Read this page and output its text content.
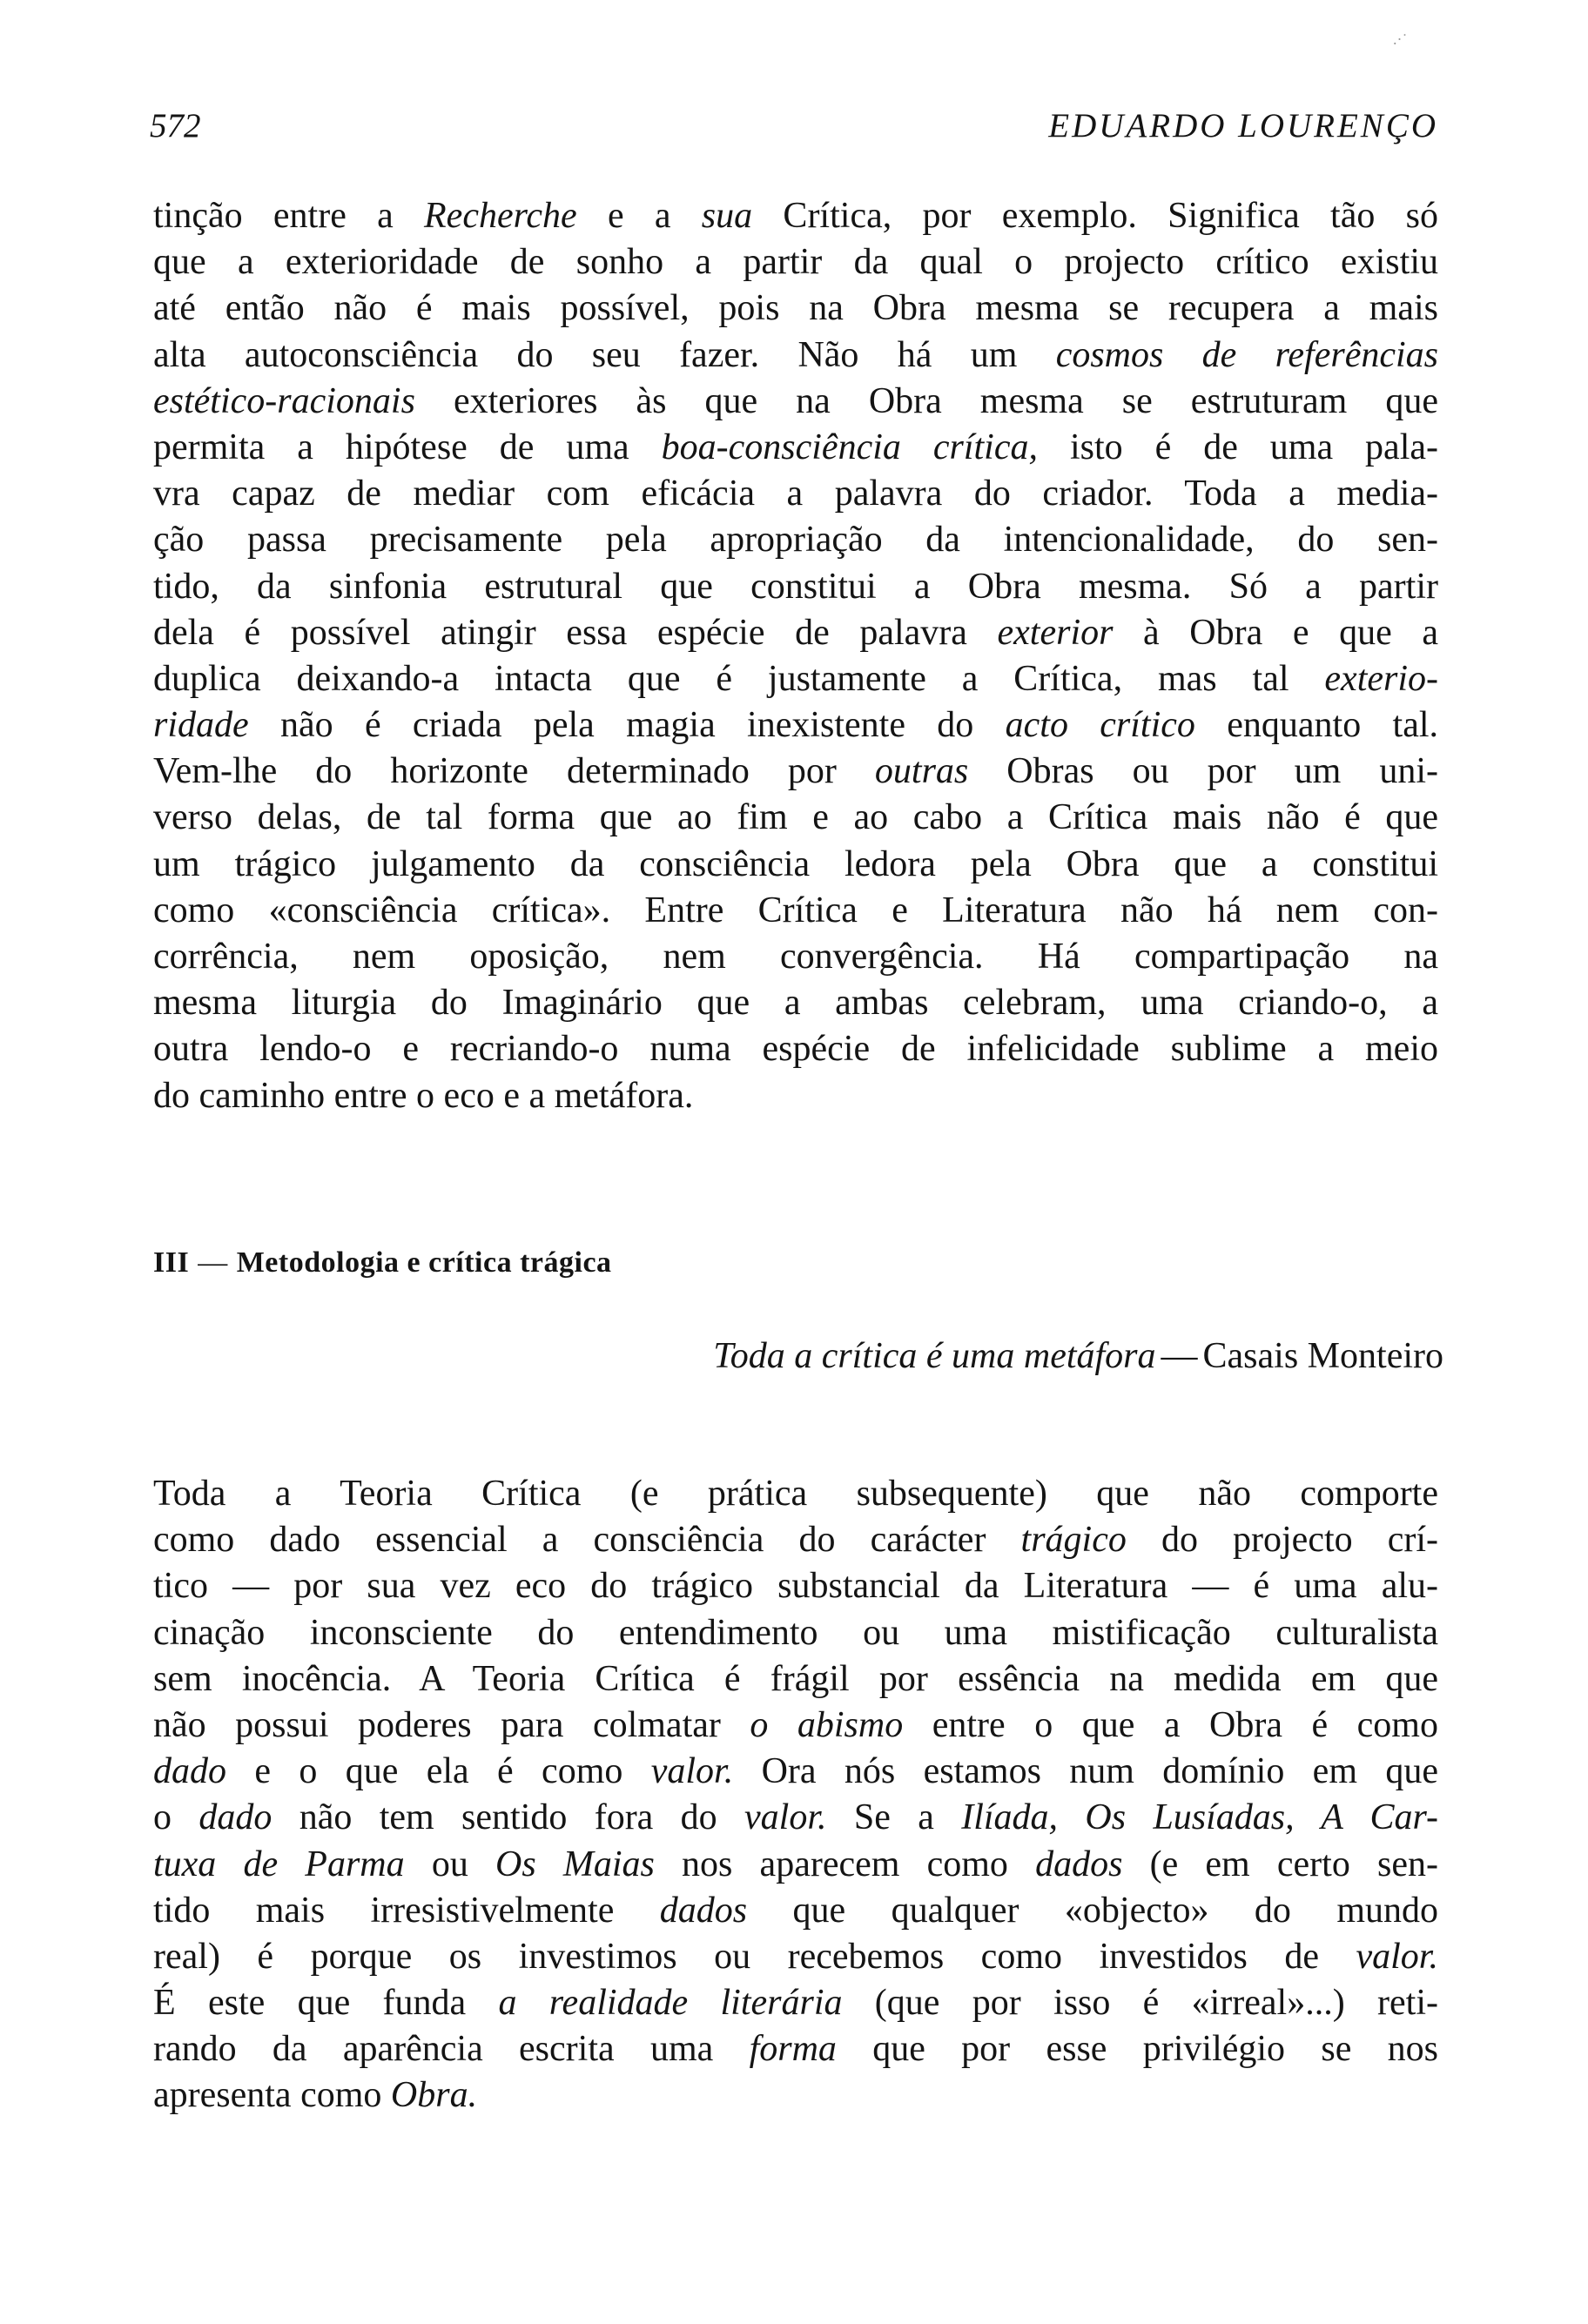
.·˙
572	EDUARDO LOURENÇO

tinção entre a Recherche e a sua Crítica, por exemplo. Significa tão só
que a exterioridade de sonho a partir da qual o projecto crítico existiu
até então não é mais possível, pois na Obra mesma se recupera a mais
alta autoconsciência do seu fazer. Não há um cosmos de referências
estético-racionais exteriores às que na Obra mesma se estruturam que
permita a hipótese de uma boa-consciência crítica, isto é de uma pala-
vra capaz de mediar com eficácia a palavra do criador. Toda a media-
ção passa precisamente pela apropriação da intencionalidade, do sen-
tido, da sinfonia estrutural que constitui a Obra mesma. Só a partir
dela é possível atingir essa espécie de palavra exterior à Obra e que a
duplica deixando-a intacta que é justamente a Crítica, mas tal exterio-
ridade não é criada pela magia inexistente do acto crítico enquanto tal.
Vem-lhe do horizonte determinado por outras Obras ou por um uni-
verso delas, de tal forma que ao fim e ao cabo a Crítica mais não é que
um trágico julgamento da consciência ledora pela Obra que a constitui
como «consciência crítica». Entre Crítica e Literatura não há nem con-
corrência, nem oposição, nem convergência. Há compartipação na
mesma liturgia do Imaginário que a ambas celebram, uma criando-o, a
outra lendo-o e recriando-o numa espécie de infelicidade sublime a meio
do caminho entre o eco e a metáfora.

III — Metodologia e crítica trágica
Toda a crítica é uma metáfora — Casais Monteiro

Toda a Teoria Crítica (e prática subsequente) que não comporte
como dado essencial a consciência do carácter trágico do projecto crí-
tico — por sua vez eco do trágico substancial da Literatura — é uma alu-
cinação inconsciente do entendimento ou uma mistificação culturalista
sem inocência. A Teoria Crítica é frágil por essência na medida em que
não possui poderes para colmatar o abismo entre o que a Obra é como
dado e o que ela é como valor. Ora nós estamos num domínio em que
o dado não tem sentido fora do valor. Se a Ilíada, Os Lusíadas, A Car-
tuxa de Parma ou Os Maias nos aparecem como dados (e em certo sen-
tido mais irresistivelmente dados que qualquer «objecto» do mundo
real) é porque os investimos ou recebemos como investidos de valor.
É este que funda a realidade literária (que por isso é «irreal»...) reti-
rando da aparência escrita uma forma que por esse privilégio se nos
apresenta como Obra.
